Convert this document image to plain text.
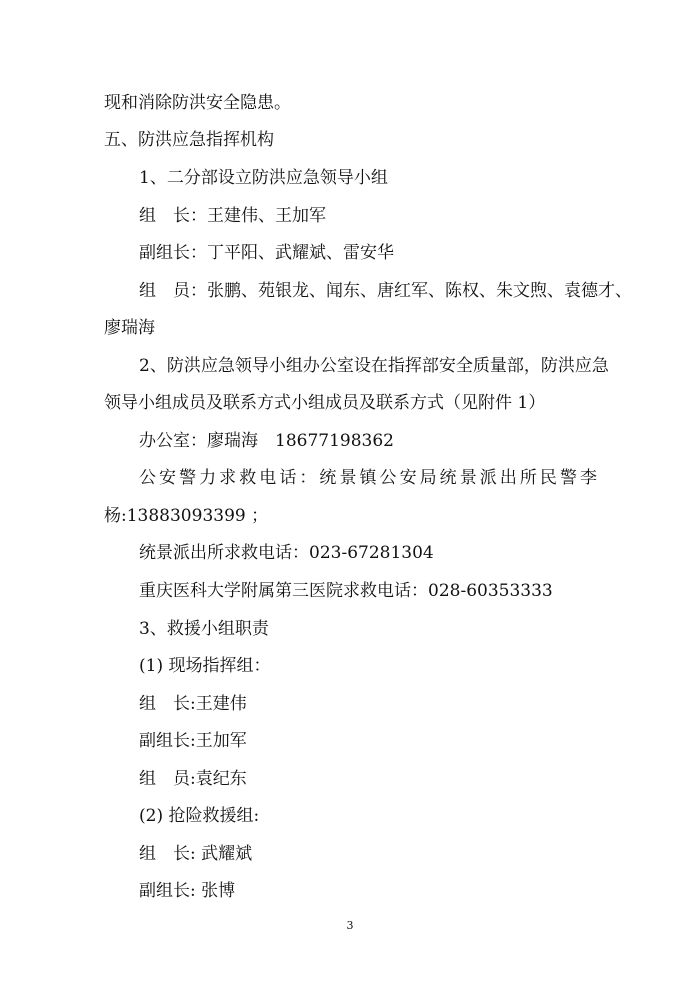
现和消除防洪安全隐患。

五、防洪应急指挥机构

1、二分部设立防洪应急领导小组

组　长：王建伟、王加军

副组长：丁平阳、武耀斌、雷安华

组　员：张鹏、苑银龙、闻东、唐红军、陈权、朱文煦、袁德才、

廖瑞海

2、防洪应急领导小组办公室设在指挥部安全质量部，防洪应急

领导小组成员及联系方式小组成员及联系方式（见附件 1）

办公室：廖瑞海　18677198362

公安警力求救电话：统景镇公安局统景派出所民警李

杨:13883093399 ；

统景派出所求救电话：023-67281304

重庆医科大学附属第三医院求救电话：028-60353333

3、救援小组职责

(1) 现场指挥组：

组　长:王建伟

副组长:王加军

组　员:袁纪东

(2) 抢险救援组:

组　长: 武耀斌

副组长: 张博

3
